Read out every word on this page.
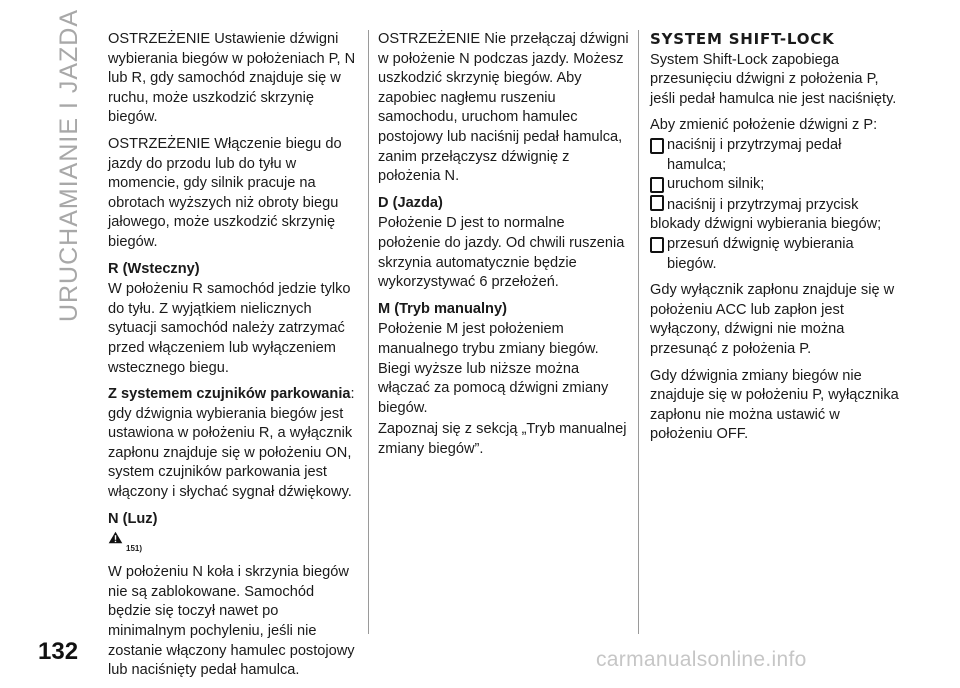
URUCHAMIANIE I JAZDA OSTRZEŻENIE Ustawienie dźwigni wybierania biegów w położeniach P, N lub R, gdy samochód znajduje się w ruchu, może uszkodzić skrzynię biegów.

OSTRZEŻENIE Włączenie biegu do jazdy do przodu lub do tyłu w momencie, gdy silnik pracuje na obrotach wyższych niż obroty biegu jałowego, może uszkodzić skrzynię biegów.

R (Wsteczny)

W położeniu R samochód jedzie tylko do tyłu. Z wyjątkiem nielicznych sytuacji samochód należy zatrzymać przed włączeniem lub wyłączeniem wstecznego biegu.

Z systemem czujników parkowania: gdy dźwignia wybierania biegów jest ustawiona w położeniu R, a wyłącznik zapłonu znajduje się w położeniu ON, system czujników parkowania jest włączony i słychać sygnał dźwiękowy.

N (Luz)
151)

W położeniu N koła i skrzynia biegów nie są zablokowane. Samochód będzie się toczył nawet po minimalnym pochyleniu, jeśli nie zostanie włączony hamulec postojowy lub naciśnięty pedał hamulca.

OSTRZEŻENIE Nie przełączaj dźwigni w położenie N podczas jazdy. Możesz uszkodzić skrzynię biegów. Aby zapobiec nagłemu ruszeniu samochodu, uruchom hamulec postojowy lub naciśnij pedał hamulca, zanim przełączysz dźwignię z położenia N.

D (Jazda)

Położenie D jest to normalne położenie do jazdy. Od chwili ruszenia skrzynia automatycznie będzie wykorzystywać 6 przełożeń.

M (Tryb manualny)

Położenie M jest położeniem manualnego trybu zmiany biegów. Biegi wyższe lub niższe można włączać za pomocą dźwigni zmiany biegów.

Zapoznaj się z sekcją „Tryb manualnej zmiany biegów”.

SYSTEM SHIFT-LOCK

System Shift-Lock zapobiega przesunięciu dźwigni z położenia P, jeśli pedał hamulca nie jest naciśnięty.

Aby zmienić położenie dźwigni z P:

naciśnij i przytrzymaj pedał hamulca;
uruchom silnik;
naciśnij i przytrzymaj przycisk blokady dźwigni wybierania biegów;
przesuń dźwignię wybierania biegów.

Gdy wyłącznik zapłonu znajduje się w położeniu ACC lub zapłon jest wyłączony, dźwigni nie można przesunąć z położenia P.

Gdy dźwignia zmiany biegów nie znajduje się w położeniu P, wyłącznika zapłonu nie można ustawić w położeniu OFF.

132	carmanualsonline.info
